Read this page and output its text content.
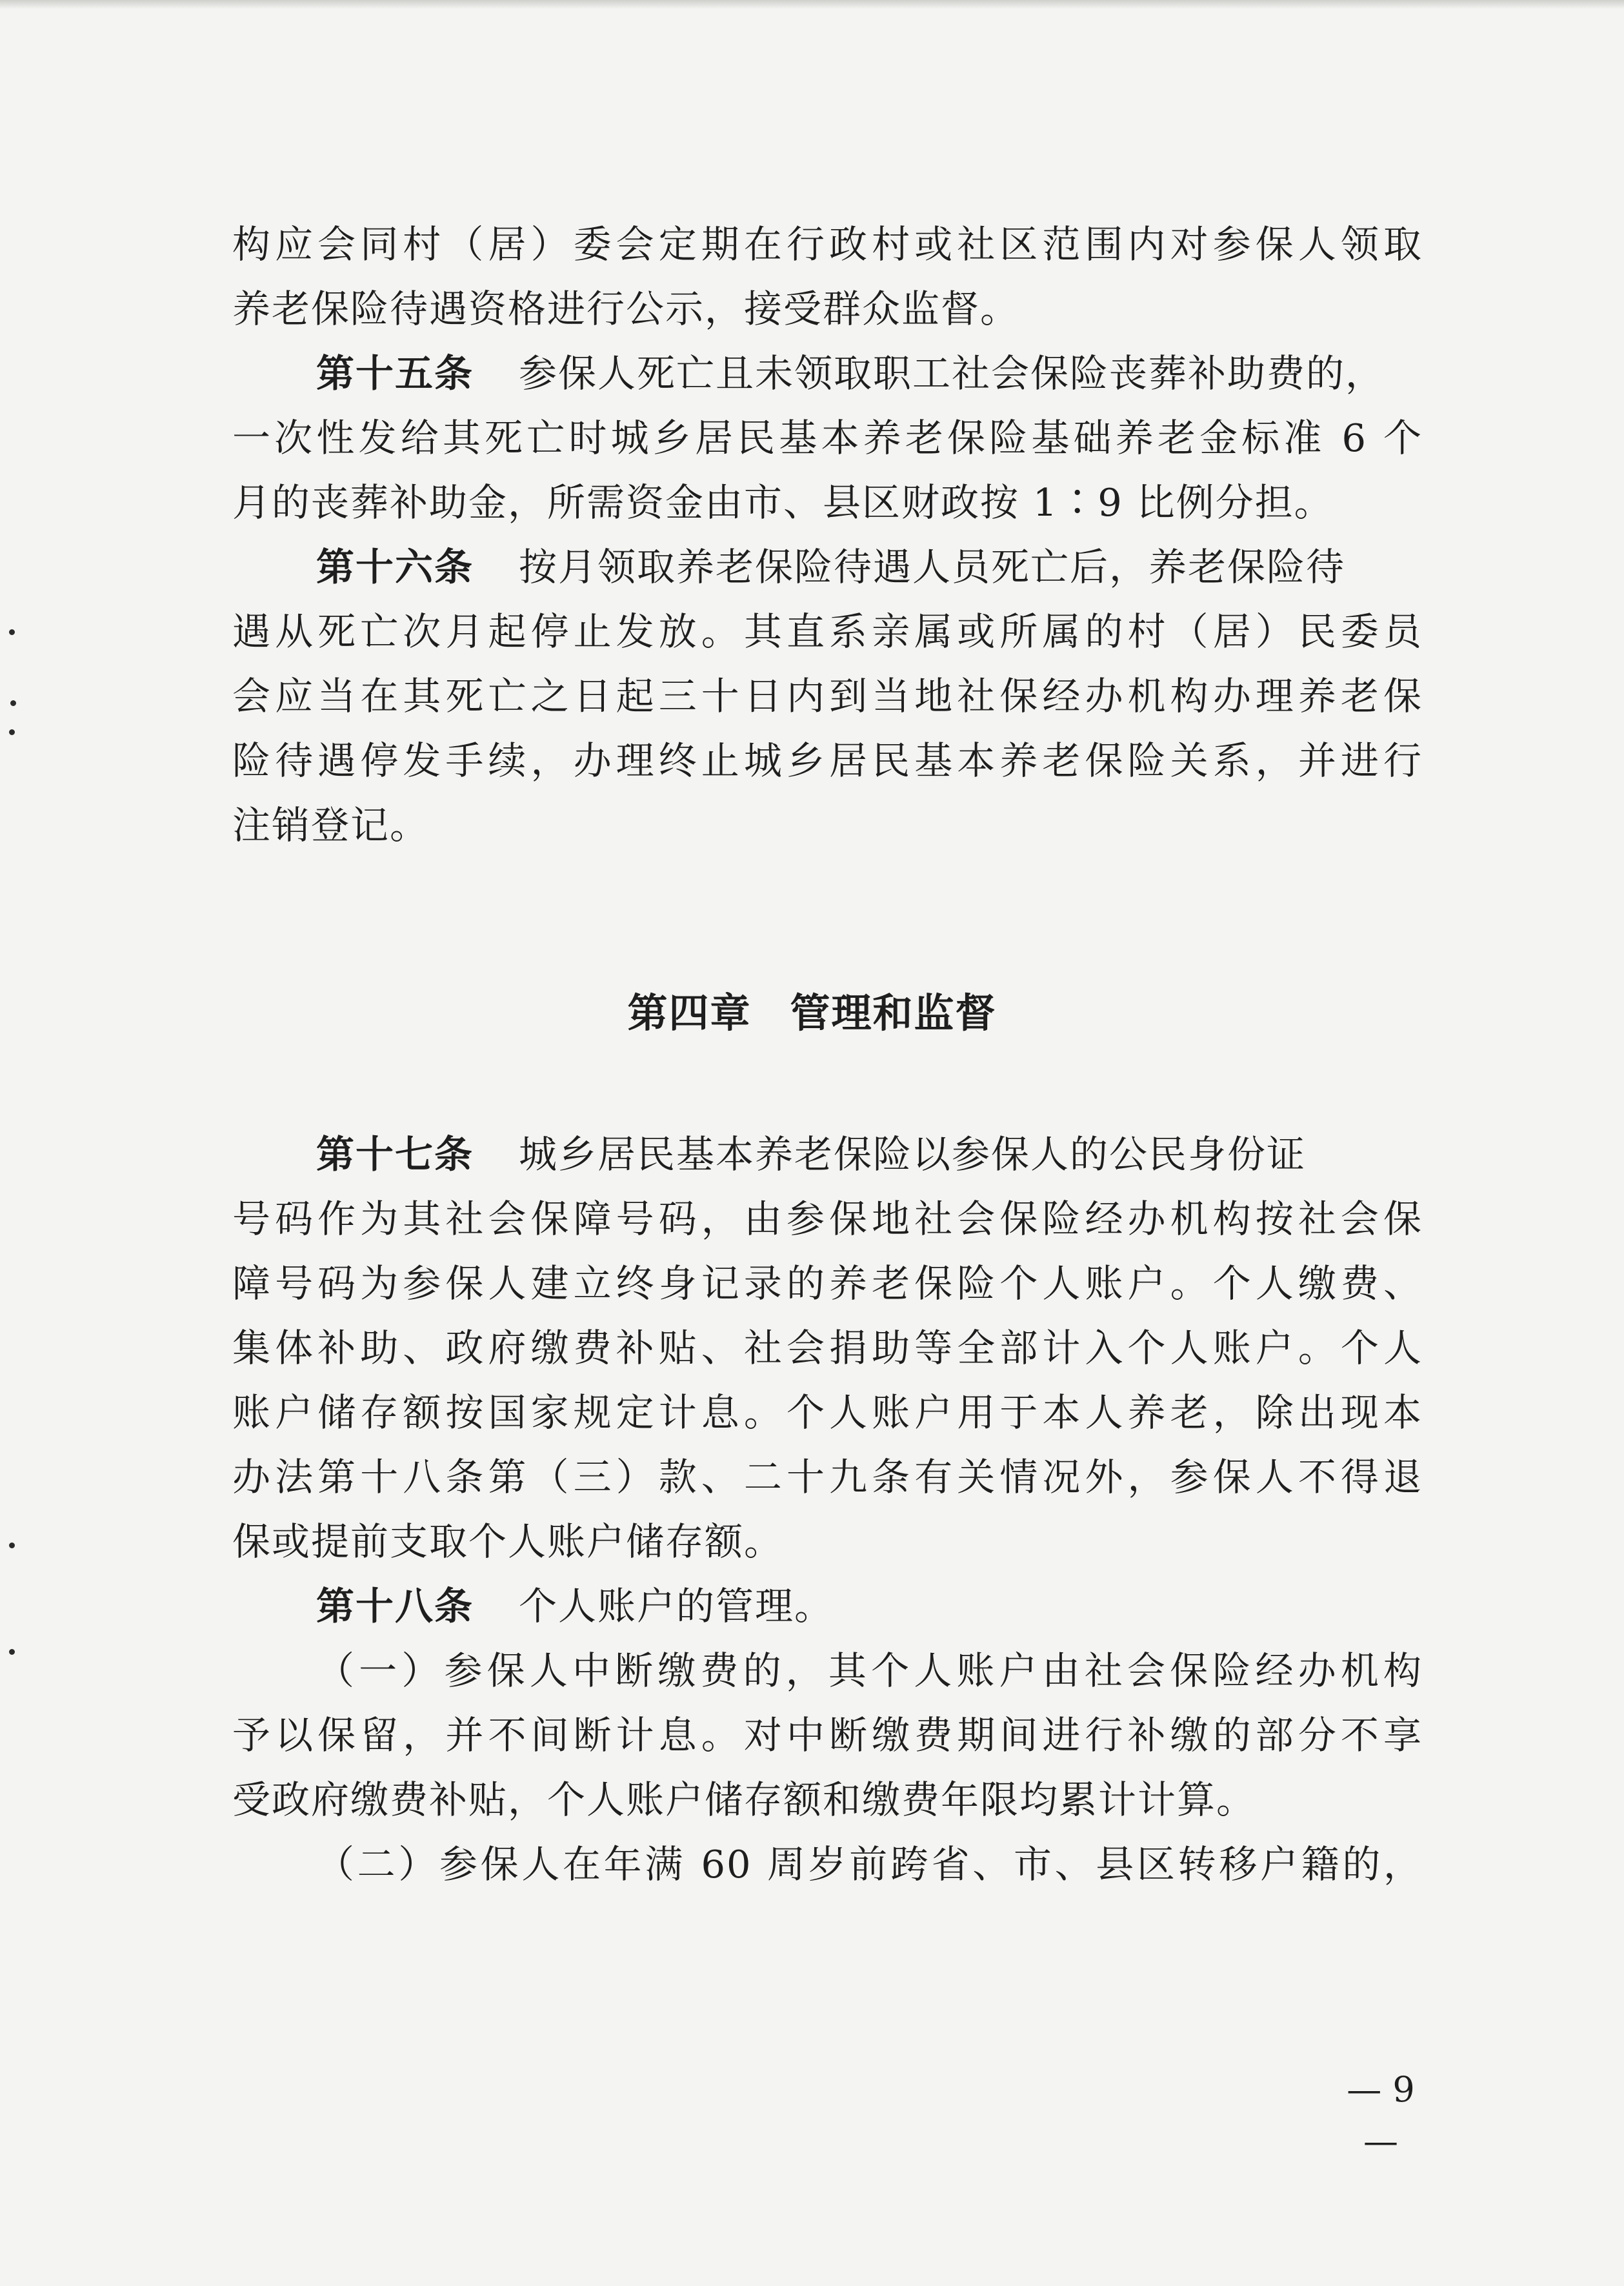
构应会同村（居）委会定期在行政村或社区范围内对参保人领取
养老保险待遇资格进行公示，接受群众监督。
第十五条 参保人死亡且未领取职工社会保险丧葬补助费的，
一次性发给其死亡时城乡居民基本养老保险基础养老金标准 6 个
月的丧葬补助金，所需资金由市、县区财政按 1∶9 比例分担。
第十六条 按月领取养老保险待遇人员死亡后，养老保险待
遇从死亡次月起停止发放。其直系亲属或所属的村（居）民委员
会应当在其死亡之日起三十日内到当地社保经办机构办理养老保
险待遇停发手续，办理终止城乡居民基本养老保险关系，并进行
注销登记。
第四章 管理和监督
第十七条 城乡居民基本养老保险以参保人的公民身份证
号码作为其社会保障号码，由参保地社会保险经办机构按社会保
障号码为参保人建立终身记录的养老保险个人账户。个人缴费、
集体补助、政府缴费补贴、社会捐助等全部计入个人账户。个人
账户储存额按国家规定计息。个人账户用于本人养老，除出现本
办法第十八条第（三）款、二十九条有关情况外，参保人不得退
保或提前支取个人账户储存额。
第十八条 个人账户的管理。
（一）参保人中断缴费的，其个人账户由社会保险经办机构
予以保留，并不间断计息。对中断缴费期间进行补缴的部分不享
受政府缴费补贴，个人账户储存额和缴费年限均累计计算。
（二）参保人在年满 60 周岁前跨省、市、县区转移户籍的，
— 9 —
